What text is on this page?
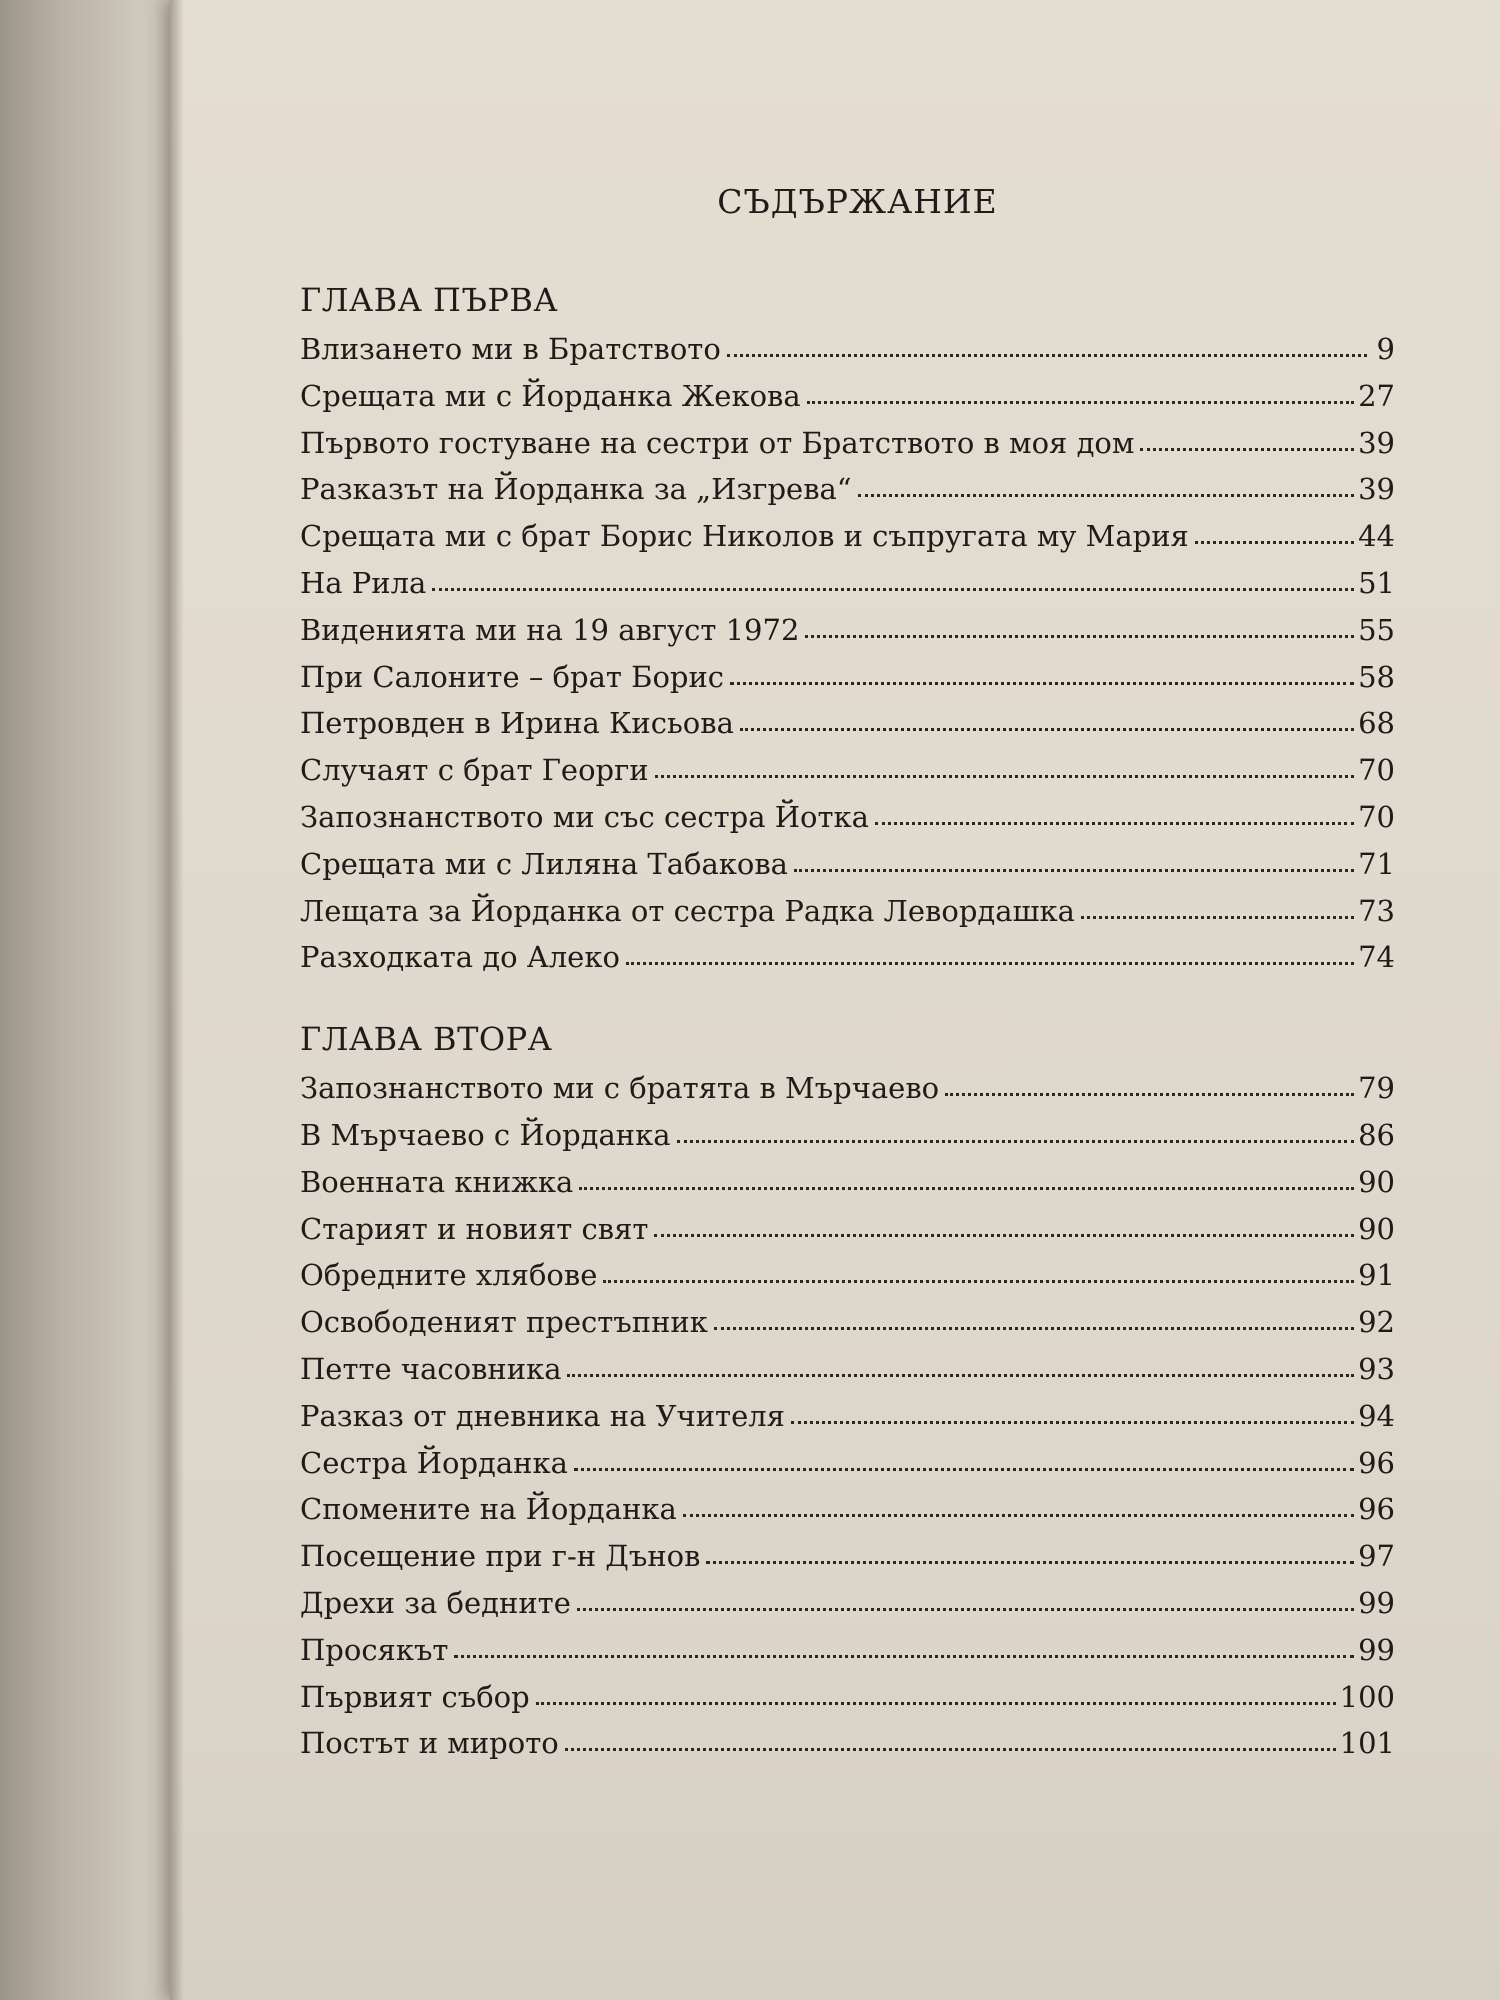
СЪДЪРЖАНИЕ
ГЛАВА ПЪРВА
Влизането ми в Братството	9
Срещата ми с Йорданка Жекова	27
Първото гостуване на сестри от Братството в моя дом	39
Разказът на Йорданка за „Изгрева“	39
Срещата ми с брат Борис Николов и съпругата му Мария	44
На Рила	51
Виденията ми на 19 август 1972	55
При Салоните – брат Борис	58
Петровден в Ирина Кисьова	68
Случаят с брат Георги	70
Запознанството ми със сестра Йотка	70
Срещата ми с Лиляна Табакова	71
Лещата за Йорданка от сестра Радка Левордашка	73
Разходката до Алеко	74
ГЛАВА ВТОРА
Запознанството ми с братята в Мърчаево	79
В Мърчаево с Йорданка	86
Военната книжка	90
Старият и новият свят	90
Обредните хлябове	91
Освободеният престъпник	92
Петте часовника	93
Разказ от дневника на Учителя	94
Сестра Йорданка	96
Спомените на Йорданка	96
Посещение при г-н Дънов	97
Дрехи за бедните	99
Просякът	99
Първият събор	100
Постът и мирото	101
